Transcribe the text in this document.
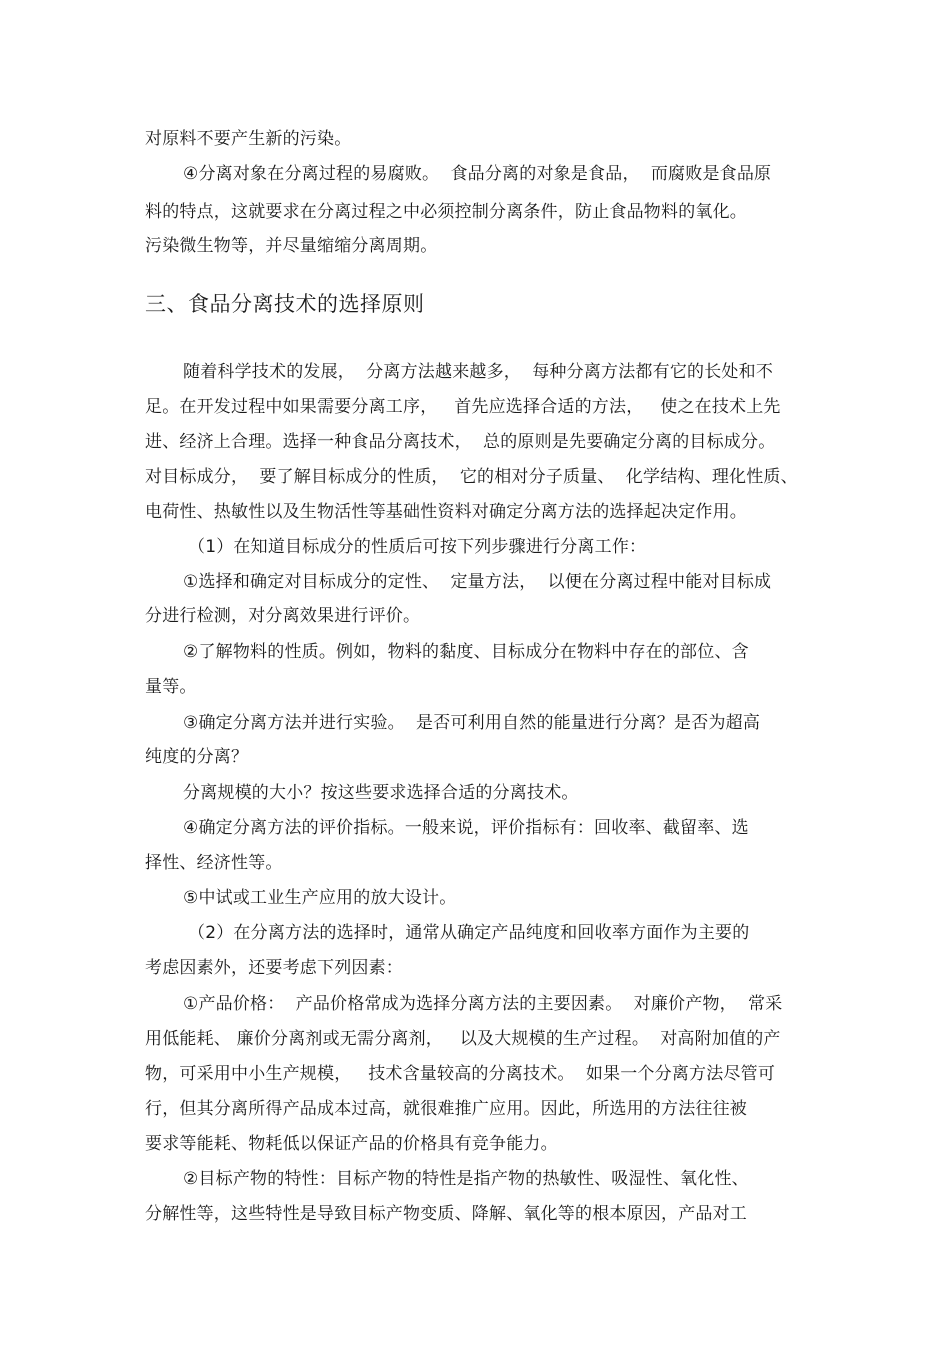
对原料不要产生新的污染。
④分离对象在分离过程的易腐败。  食品分离的对象是食品，  而腐败是食品原
料的特点，这就要求在分离过程之中必须控制分离条件，防止食品物料的氧化。
污染微生物等，并尽量缩缩分离周期。
三、食品分离技术的选择原则
随着科学技术的发展，  分离方法越来越多，  每种分离方法都有它的长处和不
足。在开发过程中如果需要分离工序，   首先应选择合适的方法，   使之在技术上先
进、经济上合理。选择一种食品分离技术，  总的原则是先要确定分离的目标成分。
对目标成分，  要了解目标成分的性质，  它的相对分子质量、  化学结构、理化性质、
电荷性、热敏性以及生物活性等基础性资料对确定分离方法的选择起决定作用。
（1）在知道目标成分的性质后可按下列步骤进行分离工作：
①选择和确定对目标成分的定性、  定量方法，  以便在分离过程中能对目标成
分进行检测，对分离效果进行评价。
②了解物料的性质。例如，物料的黏度、目标成分在物料中存在的部位、含
量等。
③确定分离方法并进行实验。  是否可利用自然的能量进行分离？是否为超高
纯度的分离？
分离规模的大小？按这些要求选择合适的分离技术。
④确定分离方法的评价指标。一般来说，评价指标有：回收率、截留率、选
择性、经济性等。
⑤中试或工业生产应用的放大设计。
（2）在分离方法的选择时，通常从确定产品纯度和回收率方面作为主要的
考虑因素外，还要考虑下列因素：
①产品价格：  产品价格常成为选择分离方法的主要因素。  对廉价产物，  常采
用低能耗、 廉价分离剂或无需分离剂，   以及大规模的生产过程。  对高附加值的产
物，可采用中小生产规模，   技术含量较高的分离技术。  如果一个分离方法尽管可
行，但其分离所得产品成本过高，就很难推广应用。因此，所选用的方法往往被
要求等能耗、物耗低以保证产品的价格具有竞争能力。
②目标产物的特性：目标产物的特性是指产物的热敏性、吸湿性、氧化性、
分解性等，这些特性是导致目标产物变质、降解、氧化等的根本原因，产品对工
